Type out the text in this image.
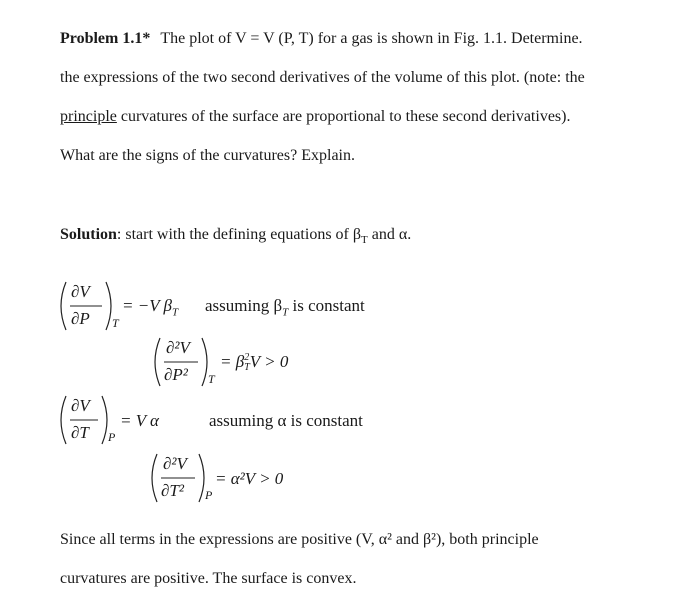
Problem 1.1* The plot of V = V (P, T) for a gas is shown in Fig. 1.1. Determine.
the expressions of the two second derivatives of the volume of this plot. (note: the
principle curvatures of the surface are proportional to these second derivatives).
What are the signs of the curvatures? Explain.
Solution: start with the defining equations of $\beta_T$ and α.
∂V
∂P T
= −V $\beta_T$ assuming $\beta_T$ is constant
∂²V
∂P² T
= β 2
T V > 0
∂V
∂T P
= V α	assuming α is constant
∂²V
∂T² P
= α²V > 0
Since all terms in the expressions are positive (V, α² and β²), both principle
curvatures are positive. The surface is convex.
